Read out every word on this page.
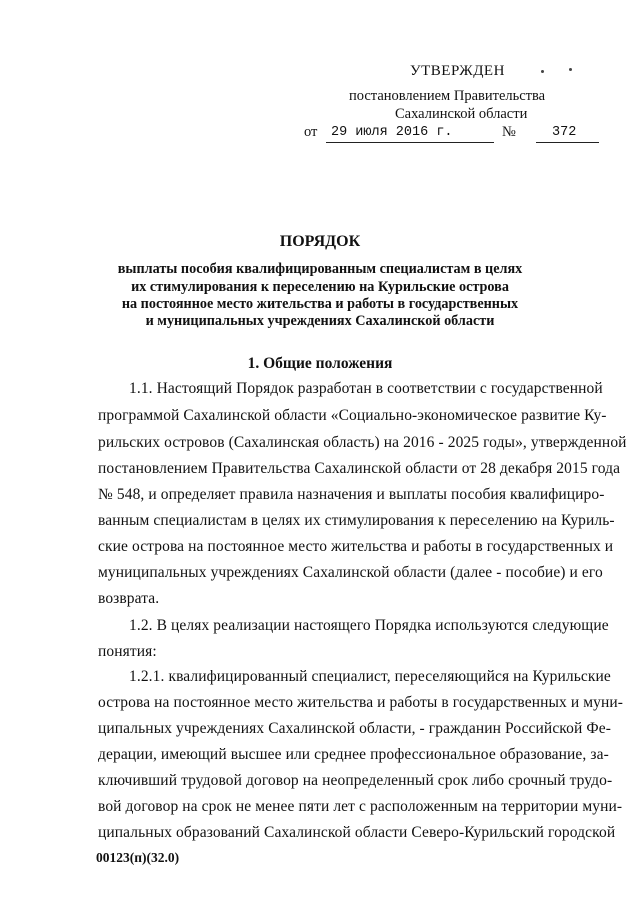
УТВЕРЖДЕН
постановлением Правительства
Сахалинской области
от 29 июля 2016 г.	№	372
ПОРЯДОК
выплаты пособия квалифицированным специалистам в целях
их стимулирования к переселению на Курильские острова
на постоянное место жительства и работы в государственных
и муниципальных учреждениях Сахалинской области
1. Общие положения
1.1. Настоящий Порядок разработан в соответствии с государственной
программой Сахалинской области «Социально-экономическое развитие Ку-
рильских островов (Сахалинская область) на 2016 - 2025 годы», утвержденной
постановлением Правительства Сахалинской области от 28 декабря 2015 года
№ 548, и определяет правила назначения и выплаты пособия квалифициро-
ванным специалистам в целях их стимулирования к переселению на Куриль-
ские острова на постоянное место жительства и работы в государственных и
муниципальных учреждениях Сахалинской области (далее - пособие) и его
возврата.
1.2. В целях реализации настоящего Порядка используются следующие
понятия:
1.2.1. квалифицированный специалист, переселяющийся на Курильские
острова на постоянное место жительства и работы в государственных и муни-
ципальных учреждениях Сахалинской области, - гражданин Российской Фе-
дерации, имеющий высшее или среднее профессиональное образование, за-
ключивший трудовой договор на неопределенный срок либо срочный трудо-
вой договор на срок не менее пяти лет с расположенным на территории муни-
ципальных образований Сахалинской области Северо-Курильский городской
00123(п)(32.0)
